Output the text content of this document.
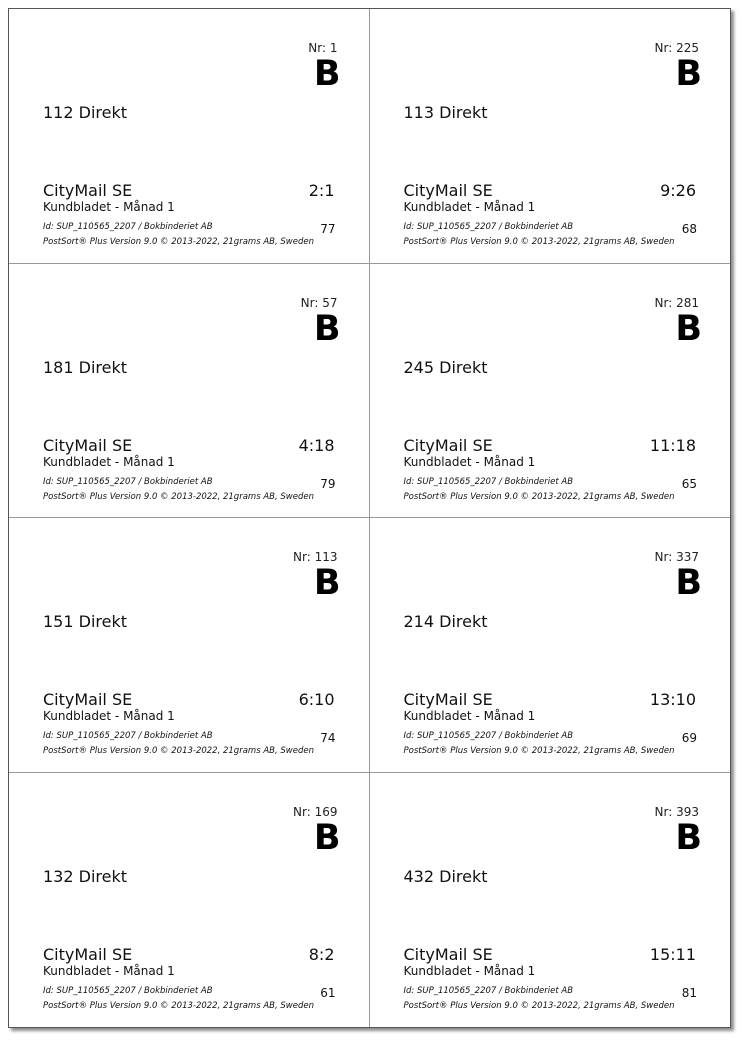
Nr: 1
B
112 Direkt
CityMail SE	2:1
Kundbladet - Månad 1
Id: SUP_110565_2207 / Bokbinderiet AB	77
PostSort® Plus Version 9.0 © 2013-2022, 21grams AB, Sweden
Nr: 225
B
113 Direkt
CityMail SE	9:26
Kundbladet - Månad 1
Id: SUP_110565_2207 / Bokbinderiet AB	68
PostSort® Plus Version 9.0 © 2013-2022, 21grams AB, Sweden
Nr: 57
B
181 Direkt
CityMail SE	4:18
Kundbladet - Månad 1
Id: SUP_110565_2207 / Bokbinderiet AB	79
PostSort® Plus Version 9.0 © 2013-2022, 21grams AB, Sweden
Nr: 281
B
245 Direkt
CityMail SE	11:18
Kundbladet - Månad 1
Id: SUP_110565_2207 / Bokbinderiet AB	65
PostSort® Plus Version 9.0 © 2013-2022, 21grams AB, Sweden
Nr: 113
B
151 Direkt
CityMail SE	6:10
Kundbladet - Månad 1
Id: SUP_110565_2207 / Bokbinderiet AB	74
PostSort® Plus Version 9.0 © 2013-2022, 21grams AB, Sweden
Nr: 337
B
214 Direkt
CityMail SE	13:10
Kundbladet - Månad 1
Id: SUP_110565_2207 / Bokbinderiet AB	69
PostSort® Plus Version 9.0 © 2013-2022, 21grams AB, Sweden
Nr: 169
B
132 Direkt
CityMail SE	8:2
Kundbladet - Månad 1
Id: SUP_110565_2207 / Bokbinderiet AB	61
PostSort® Plus Version 9.0 © 2013-2022, 21grams AB, Sweden
Nr: 393
B
432 Direkt
CityMail SE	15:11
Kundbladet - Månad 1
Id: SUP_110565_2207 / Bokbinderiet AB	81
PostSort® Plus Version 9.0 © 2013-2022, 21grams AB, Sweden
